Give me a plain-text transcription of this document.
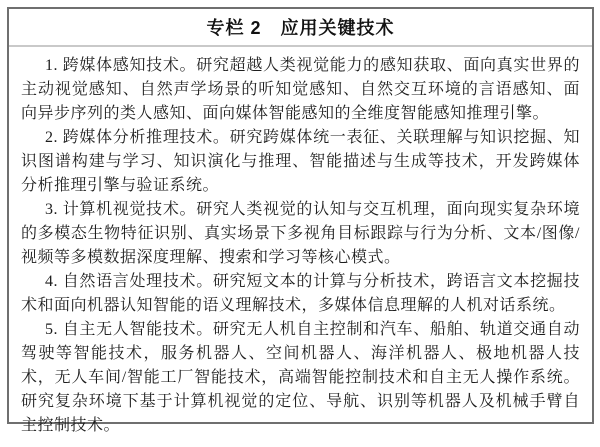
专栏 2　应用关键技术

1. 跨媒体感知技术。研究超越人类视觉能力的感知获取、面向真实世界的主动视觉感知、自然声学场景的听知觉感知、自然交互环境的言语感知、面向异步序列的类人感知、面向媒体智能感知的全维度智能感知推理引擎。

2. 跨媒体分析推理技术。研究跨媒体统一表征、关联理解与知识挖掘、知识图谱构建与学习、知识演化与推理、智能描述与生成等技术，开发跨媒体分析推理引擎与验证系统。

3. 计算机视觉技术。研究人类视觉的认知与交互机理，面向现实复杂环境的多模态生物特征识别、真实场景下多视角目标跟踪与行为分析、文本/图像/视频等多模数据深度理解、搜索和学习等核心模式。

4. 自然语言处理技术。研究短文本的计算与分析技术，跨语言文本挖掘技术和面向机器认知智能的语义理解技术，多媒体信息理解的人机对话系统。

5. 自主无人智能技术。研究无人机自主控制和汽车、船舶、轨道交通自动驾驶等智能技术，服务机器人、空间机器人、海洋机器人、极地机器人技术，无人车间/智能工厂智能技术，高端智能控制技术和自主无人操作系统。研究复杂环境下基于计算机视觉的定位、导航、识别等机器人及机械手臂自主控制技术。
